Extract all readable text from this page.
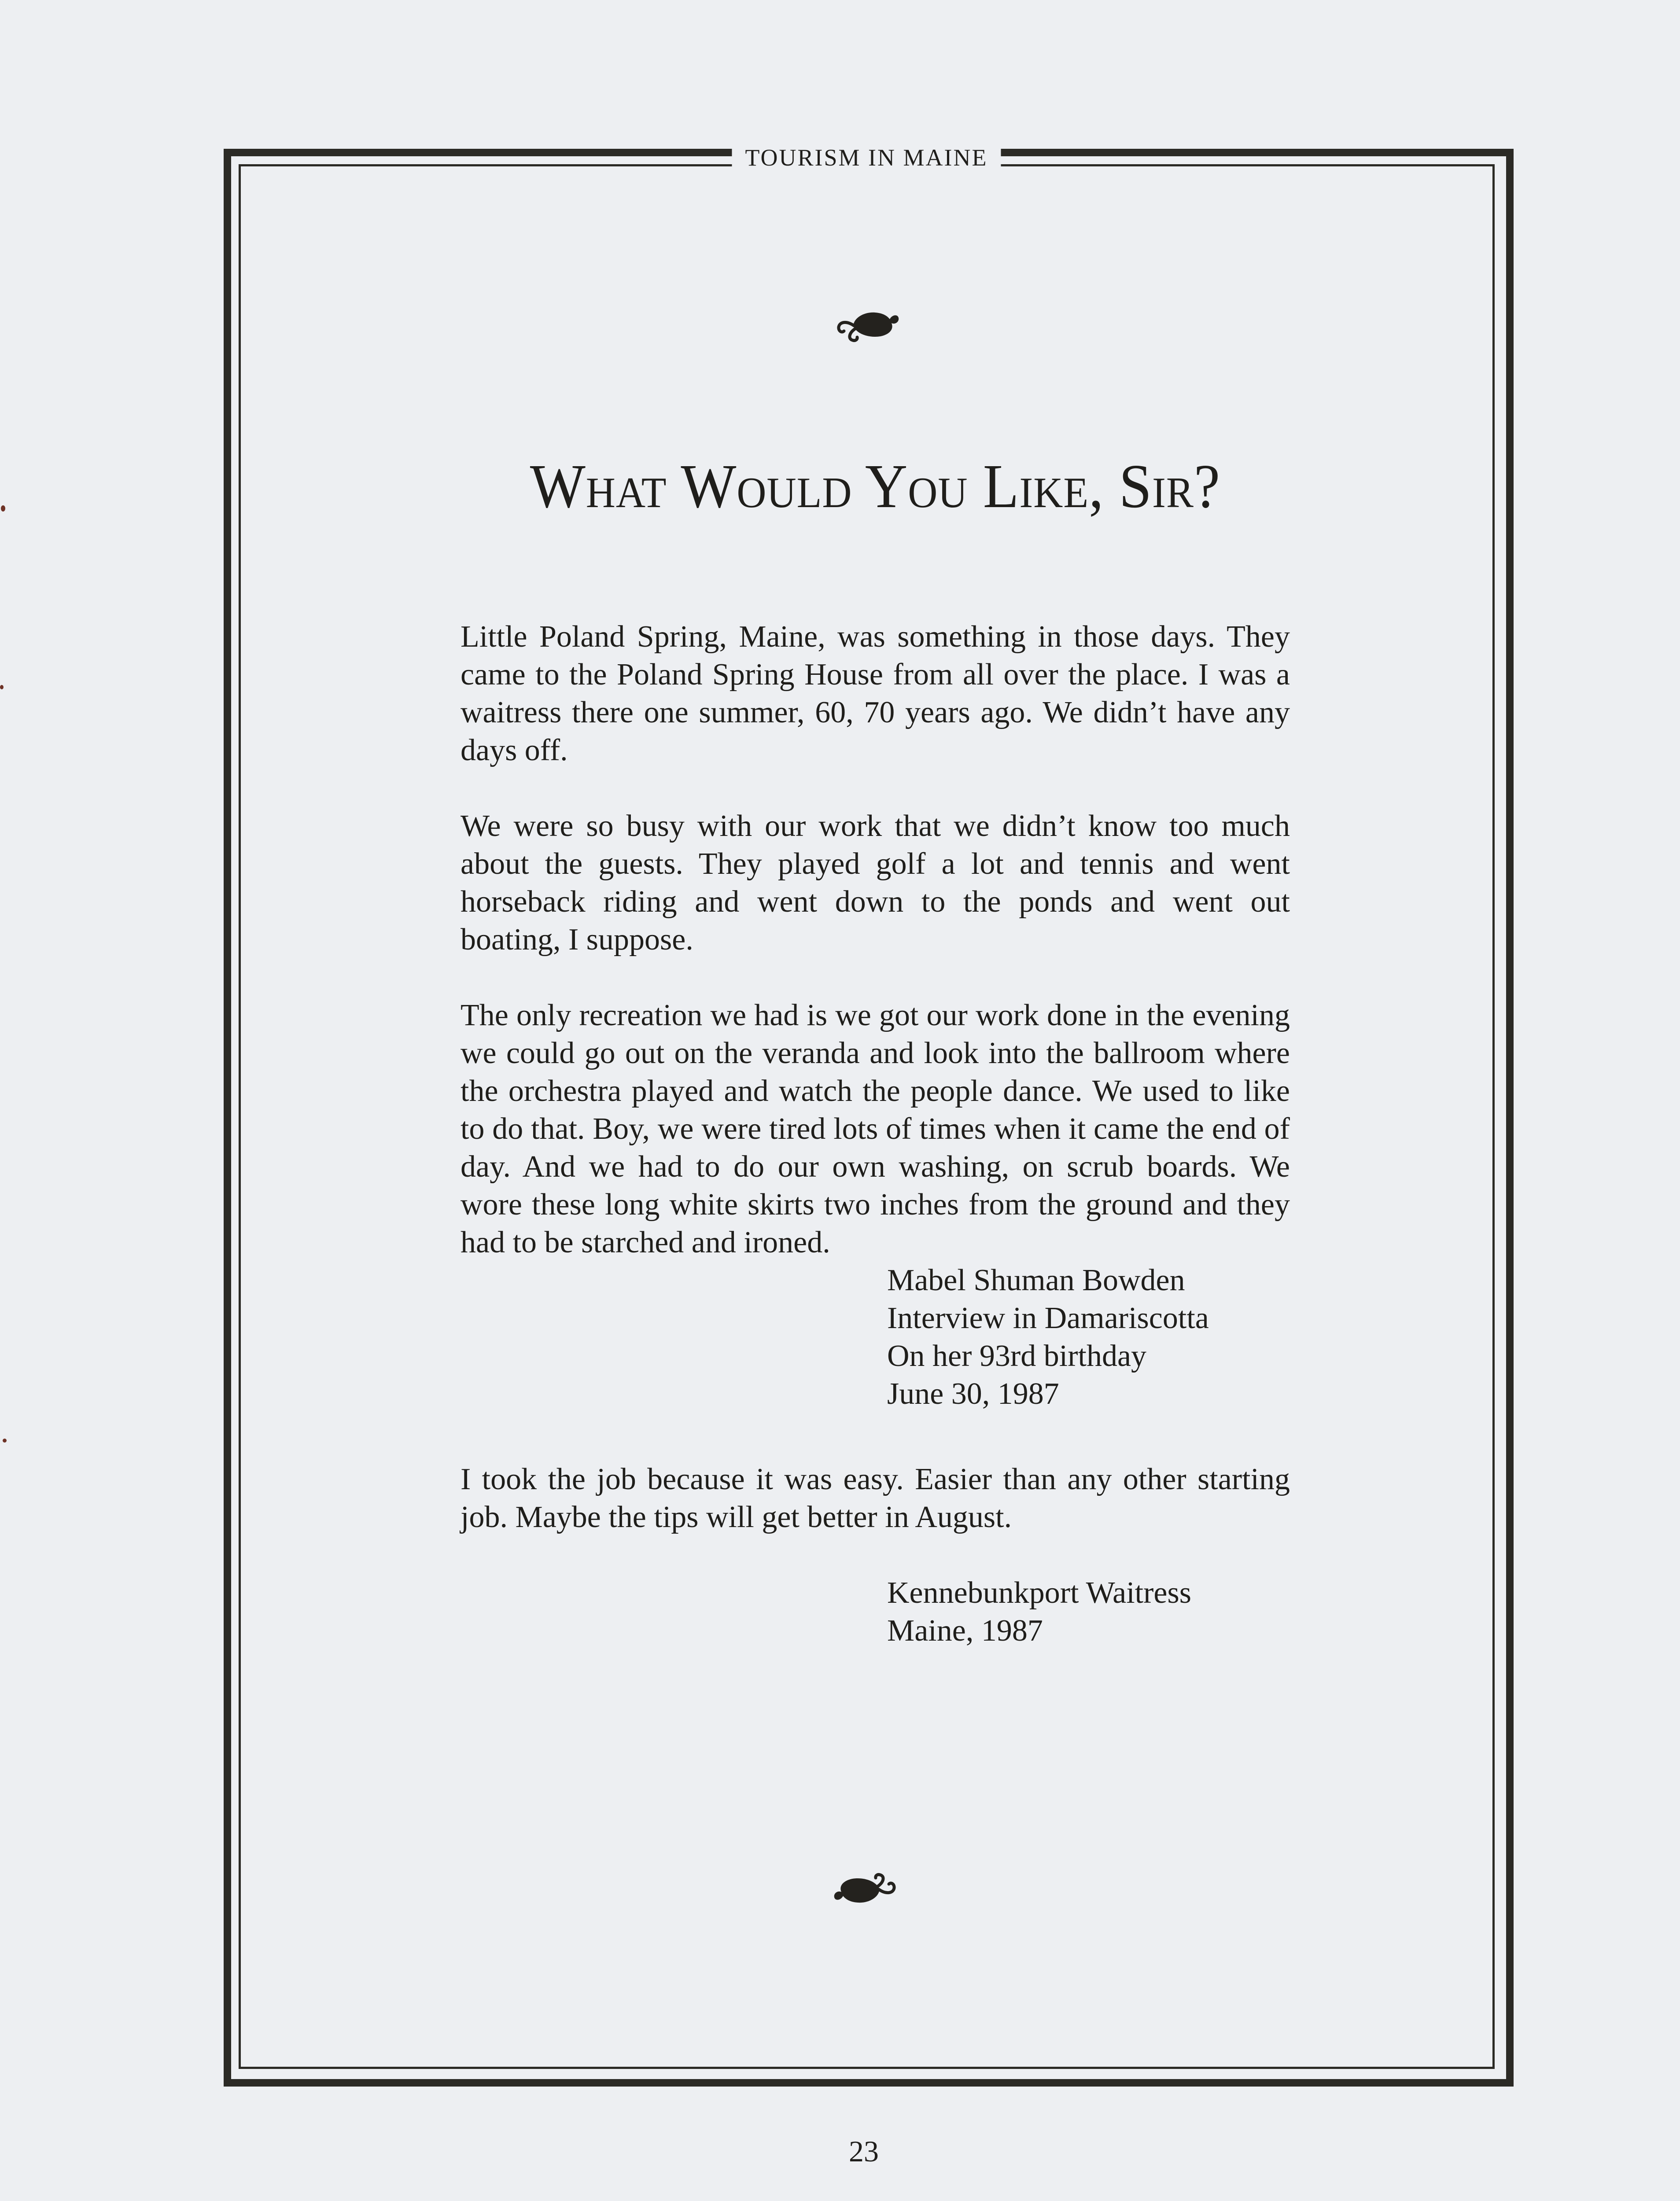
TOURISM IN MAINE
What Would You Like, Sir?

Little Poland Spring, Maine, was something in those days. They came to the Poland Spring House from all over the place. I was a waitress there one summer, 60, 70 years ago. We didn’t have any days off.

We were so busy with our work that we didn’t know too much about the guests. They played golf a lot and tennis and went horseback riding and went down to the ponds and went out boating, I suppose.

The only recreation we had is we got our work done in the evening we could go out on the veranda and look into the ballroom where the orchestra played and watch the people dance. We used to like to do that. Boy, we were tired lots of times when it came the end of day. And we had to do our own washing, on scrub boards. We wore these long white skirts two inches from the ground and they had to be starched and ironed.

Mabel Shuman Bowden
Interview in Damariscotta
On her 93rd birthday
June 30, 1987

I took the job because it was easy. Easier than any other starting job. Maybe the tips will get better in August.

Kennebunkport Waitress
Maine, 1987
23
